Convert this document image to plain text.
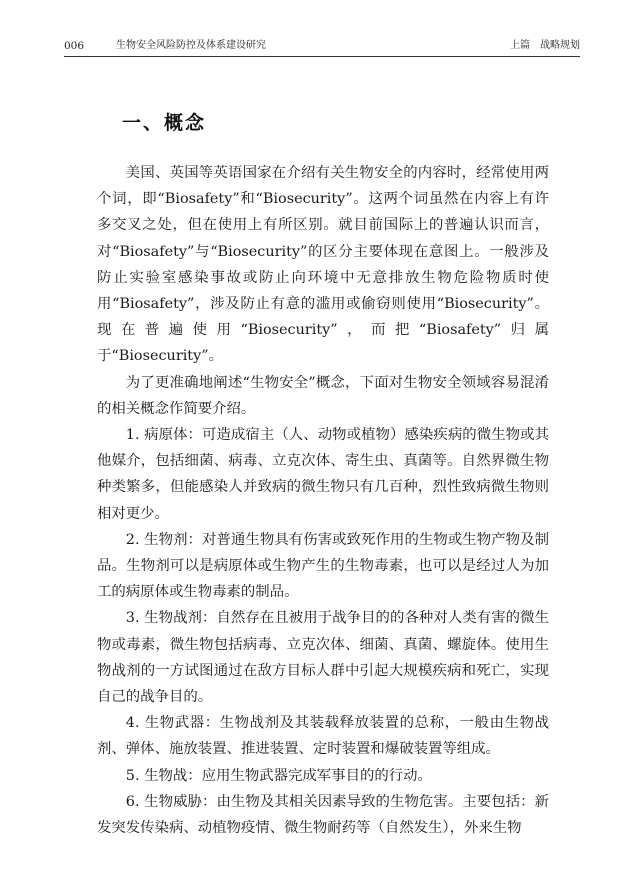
006	生物安全风险防控及体系建设研究	上篇 战略规划
一、概念

美国、英国等英语国家在介绍有关生物安全的内容时，经常使用两个词，即“Biosafety”和“Biosecurity”。这两个词虽然在内容上有许多交叉之处，但在使用上有所区别。就目前国际上的普遍认识而言，对“Biosafety”与“Biosecurity”的区分主要体现在意图上。一般涉及防止实验室感染事故或防止向环境中无意排放生物危险物质时使用“Biosafety”，涉及防止有意的滥用或偷窃则使用“Biosecurity”。现在普遍使用“Biosecurity”，而把“Biosafety”归属于“Biosecurity”。

为了更准确地阐述“生物安全”概念，下面对生物安全领域容易混淆的相关概念作简要介绍。

1. 病原体：可造成宿主（人、动物或植物）感染疾病的微生物或其他媒介，包括细菌、病毒、立克次体、寄生虫、真菌等。自然界微生物种类繁多，但能感染人并致病的微生物只有几百种，烈性致病微生物则相对更少。

2. 生物剂：对普通生物具有伤害或致死作用的生物或生物产物及制品。生物剂可以是病原体或生物产生的生物毒素，也可以是经过人为加工的病原体或生物毒素的制品。

3. 生物战剂：自然存在且被用于战争目的的各种对人类有害的微生物或毒素，微生物包括病毒、立克次体、细菌、真菌、螺旋体。使用生物战剂的一方试图通过在敌方目标人群中引起大规模疾病和死亡，实现自己的战争目的。

4. 生物武器：生物战剂及其装载释放装置的总称，一般由生物战剂、弹体、施放装置、推进装置、定时装置和爆破装置等组成。

5. 生物战：应用生物武器完成军事目的的行动。

6. 生物威胁：由生物及其相关因素导致的生物危害。主要包括：新发突发传染病、动植物疫情、微生物耐药等（自然发生），外来生物
